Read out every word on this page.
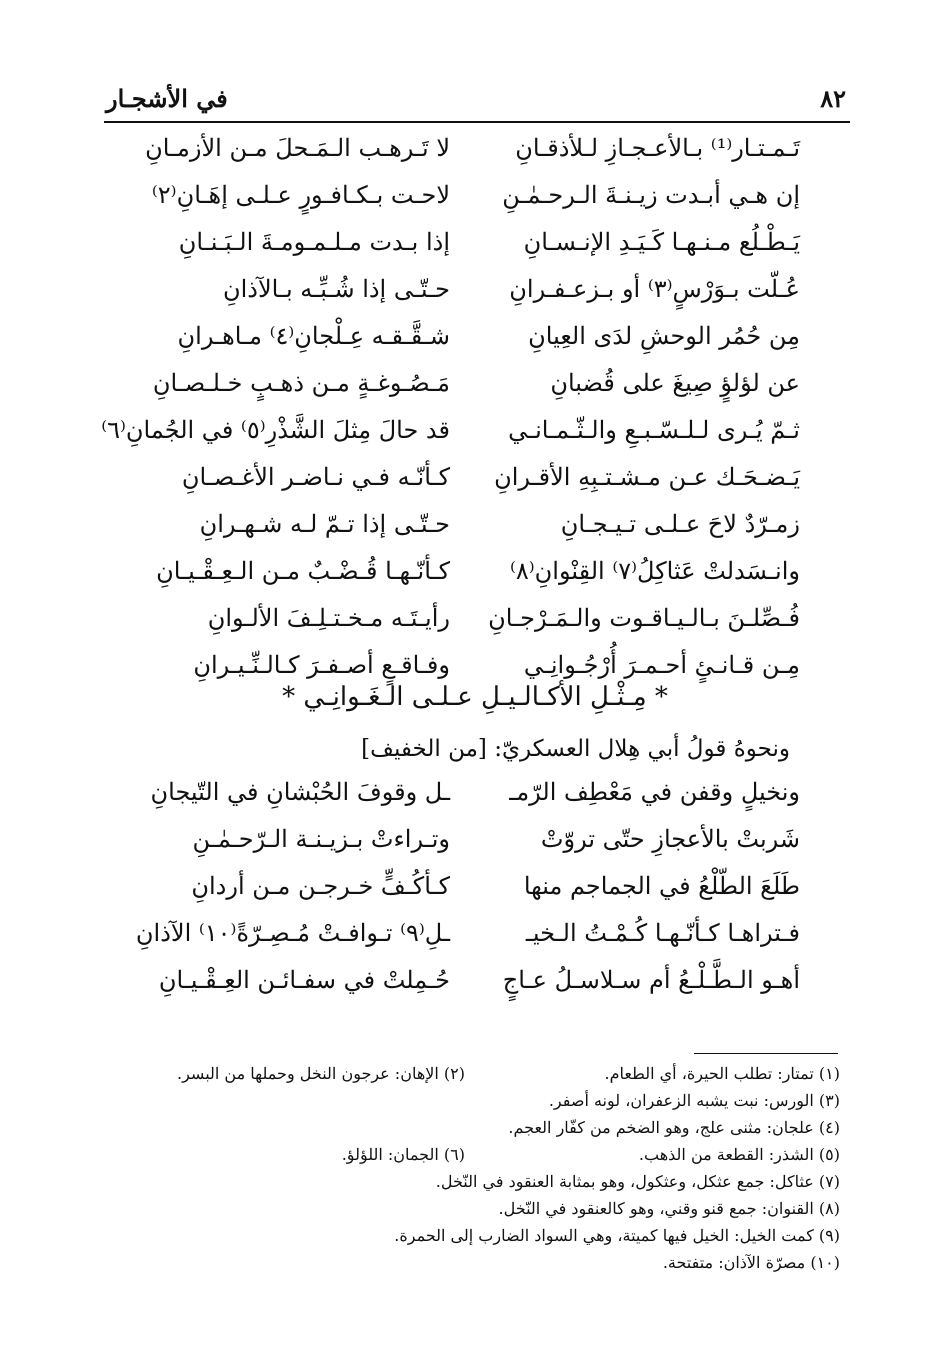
٨٢
في الأشجـار
تَـمـتـار⁽¹⁾ بـالأعـجـازِ لـلأذقـانِ
لا تَـرهـب الـمَـحلَ مـن الأزمـانِ
إن هـي أبـدت زيـنـةَ الـرحـمٰـنِ
لاحـت بـكـافـورٍ عـلـى إهَـانِ⁽٢⁾
يَـطْـلُع مـنـهـا كَـيَـدِ الإنـسـانِ
إذا بـدت مـلـمـومـةَ الـبَـنـانِ
عُـلّت بـوَرْسٍ⁽٣⁾ أو بـزعـفـرانِ
حـتّـى إذا شُـبِّـه بـالآذانِ
مِن حُمُر الوحشِ لدَى العِيانِ
شـقَّـقـه عِـلْجانِ⁽٤⁾ مـاهـرانِ
عن لؤلؤٍ صِيغَ على قُضبانِ
مَـصُـوغـةٍ مـن ذهـبٍ خـلـصـانِ
ثـمّ يُـرى لـلـسّـبـعِ والـثّـمـانـي
قد حالَ مِثلَ الشَّذْرِ⁽٥⁾ في الجُمانِ⁽٦⁾
يَـضـحَـك عـن مـشـتـبِهِ الأقـرانِ
كـأنّـه فـي نـاضـر الأغـصـانِ
زمـرّدٌ لاحَ عـلـى تـيـجـانِ
حـتّـى إذا تـمّ لـه شـهـرانِ
وانـسَدلتْ عَثاكِلُ⁽٧⁾ القِنْوانِ⁽٨⁾
كـأنّـهـا قُـضْـبٌ مـن الـعِـقْـيـانِ
فُـصِّلـنَ بـالـيـاقـوت والـمَـرْجـانِ
رأيـتَـه مـخـتـلِـفَ الألـوانِ
مِـن قـانـئٍ أحـمـرَ أُرْجُـوانِـي
وفـاقـعٍ أصـفـرَ كـالـنِّـيـرانِ
* مِـثْـلِ الأكـالـيـلِ عـلـى الـغَـوانِـي *
ونحوهُ قولُ أبي هِلال العسكريّ: [من الخفيف]
ونخيلٍ وقفن في مَعْطِف الرّمـ
ـل وقوفَ الحُبْشانِ في التّيجانِ
شَربتْ بالأعجازِ حتّى تروّتْ
وتـراءتْ بـزيـنـة الـرّحـمٰـنِ
طَلَعَ الطّلْعُ في الجماجم منها
كـأكُـفٍّ خـرجـن مـن أردانِ
فـتراهـا كـأنّـهـا كُـمْـتُ الـخيـ
ـلِ⁽٩⁾ تـوافـتْ مُـصِـرّةً⁽١٠⁾ الآذانِ
أهـو الـطَّـلْـعُ أم سـلاسـلُ عـاجٍ
حُـمِلتْ في سفـائـن العِـقْـيـانِ
(١) تمتار: تطلب الحيرة، أي الطعام.
(٢) الإهان: عرجون النخل وحملها من البسر.
(٣) الورس: نبت يشبه الزعفران، لونه أصفر.
(٤) علجان: مثنى علج، وهو الضخم من كفّار العجم.
(٥) الشذر: القطعة من الذهب.
(٦) الجمان: اللؤلؤ.
(٧) عثاكل: جمع عثكل، وعثكول، وهو بمثابة العنقود في النّخل.
(٨) القنوان: جمع قنو وقني، وهو كالعنقود في النّخل.
(٩) كمت الخيل: الخيل فيها كميتة، وهي السواد الضارب إلى الحمرة.
(١٠) مصرّة الآذان: متفتحة.
